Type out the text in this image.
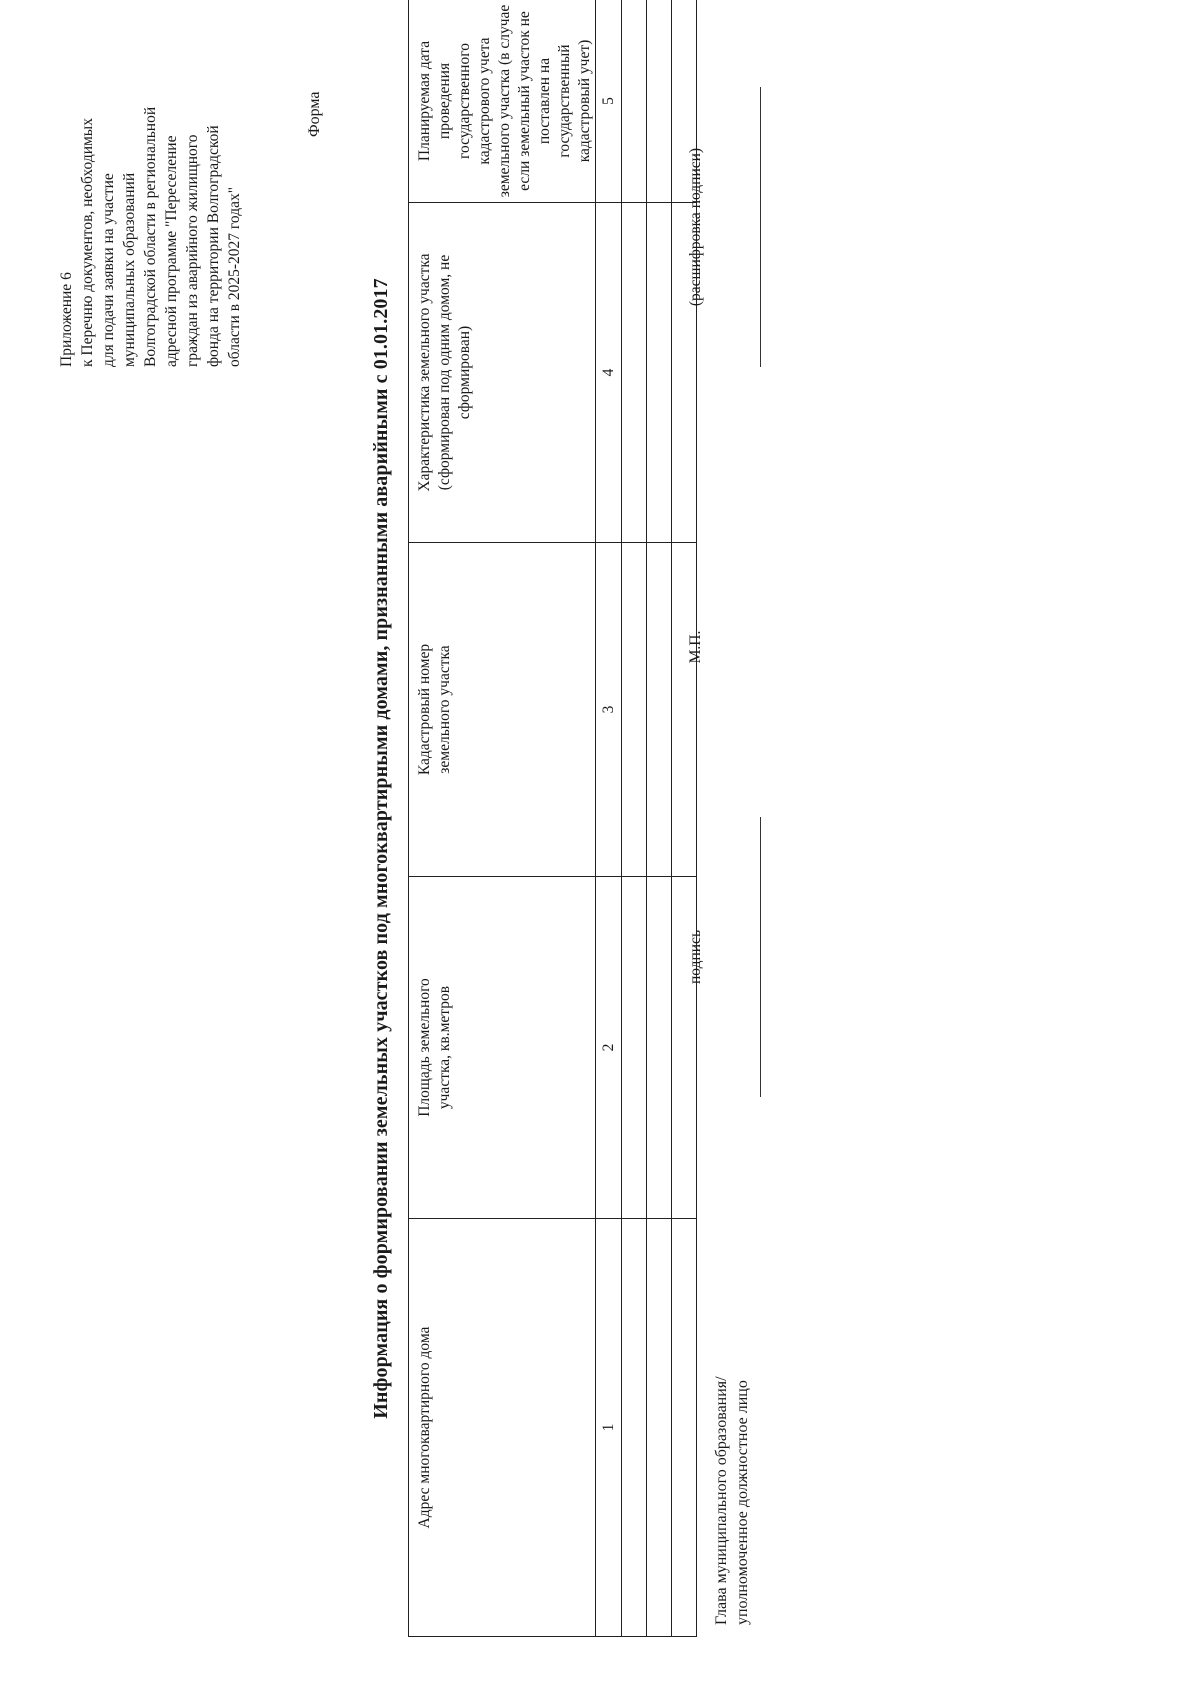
Приложение 6 к Перечню документов, необходимых для подачи заявки на участие муниципальных образований Волгоградской области в региональной адресной программе "Переселение граждан из аварийного жилищного фонда на территории Волгоградской области в 2025-2027 годах"
Форма
Информация о формировании земельных участков под многоквартирными домами, признанными аварийными с 01.01.2017
Адрес многоквартирного дома	Площадь земельного участка, кв.метров	Кадастровый номер земельного участка	Характеристика земельного участка (сформирован под одним домом, не сформирован)	Планируемая дата проведения государственного кадастрового учета земельного участка (в случае если земельный участок не поставлен на государственный кадастровый учет)

1	2	3	4	5

Глава муниципального образования/ уполномоченное должностное лицо
подпись
М.П.
(расшифровка подписи)
